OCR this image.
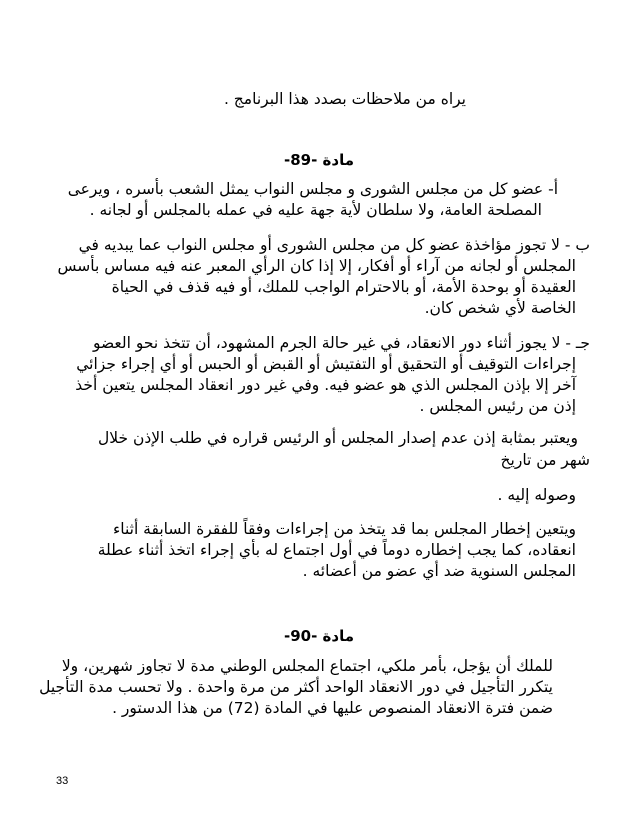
يراه من ملاحظات بصدد هذا البرنامج .
مادة -89-
أ- عضو كل من مجلس الشورى و مجلس النواب يمثل الشعب بأسره ، ويرعى
المصلحة العامة، ولا سلطان لأية جهة عليه في عمله بالمجلس أو لجانه .
ب - لا تجوز مؤاخذة عضو كل من مجلس الشورى أو مجلس النواب عما يبديه في
المجلس أو لجانه من آراء أو أفكار، إلا إذا كان الرأي المعبر عنه فيه مساس بأسس
العقيدة أو بوحدة الأمة، أو بالاحترام الواجب للملك، أو فيه قذف في الحياة
الخاصة لأي شخص كان.
جـ - لا يجوز أثناء دور الانعقاد، في غير حالة الجرم المشهود، أن تتخذ نحو العضو
إجراءات التوقيف أو التحقيق أو التفتيش أو القبض أو الحبس أو أي إجراء جزائي
آخر إلا بإذن المجلس الذي هو عضو فيه. وفي غير دور انعقاد المجلس يتعين أخذ
إذن من رئيس المجلس .
ويعتبر بمثابة إذن عدم إصدار المجلس أو الرئيس قراره في طلب الإذن خلال
شهر من تاريخ
وصوله إليه .
ويتعين إخطار المجلس بما قد يتخذ من إجراءات وفقاً للفقرة السابقة أثناء
انعقاده، كما يجب إخطاره دوماً في أول اجتماع له بأي إجراء اتخذ أثناء عطلة
المجلس السنوية ضد أي عضو من أعضائه .
مادة -90-
للملك أن يؤجل، بأمر ملكي، اجتماع المجلس الوطني مدة لا تجاوز شهرين، ولا
يتكرر التأجيل في دور الانعقاد الواحد أكثر من مرة واحدة . ولا تحسب مدة التأجيل
ضمن فترة الانعقاد المنصوص عليها في المادة (72) من هذا الدستور .
33
